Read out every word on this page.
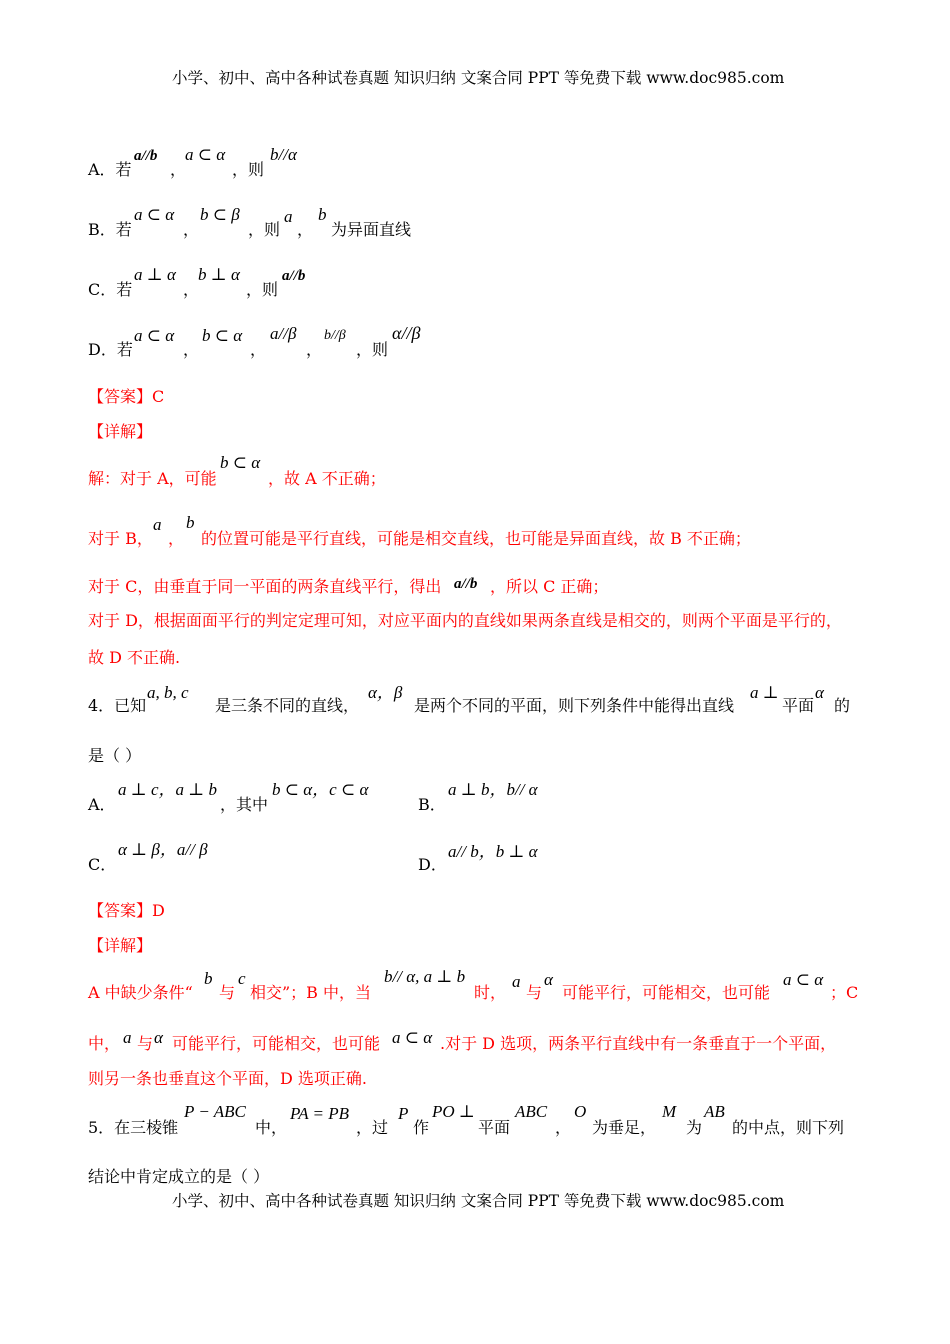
小学、初中、高中各种试卷真题 知识归纳 文案合同 PPT 等免费下载 www.doc985.com
A．若
a//b
，
a ⊂ α
，则
b//α
B．若
a ⊂ α
，
b ⊂ β
，则
a
，
b
为异面直线
C．若
a ⊥ α
，
b ⊥ α
，则
a//b
D．若
a ⊂ α
，
b ⊂ α
，
a//β
，
b//β
，则
α//β
【答案】C
【详解】
解：对于 A，可能
b ⊂ α
，故 A 不正确；
对于 B，
a
，
b
的位置可能是平行直线，可能是相交直线，也可能是异面直线，故 B 不正确；
对于 C，由垂直于同一平面的两条直线平行，得出 a//b ，所以 C 正确；
对于 D，根据面面平行的判定定理可知，对应平面内的直线如果两条直线是相交的，则两个平面是平行的，
故 D 不正确.
4．已知
a, b, c
是三条不同的直线，
α，β
是两个不同的平面，则下列条件中能得出直线
a ⊥
平面
α
的
是（ ）
A．
a ⊥ c，a ⊥ b
，其中
b ⊂ α，c ⊂ α
B．
a ⊥ b，b// α
C．
α ⊥ β，a// β
D．
a// b，b ⊥ α
【答案】D
【详解】
A 中缺少条件“
b
与
c
相交”；B 中，当
b// α, a ⊥ b
时，
a
与
α
可能平行，可能相交，也可能
a ⊂ α
；C
中， a 与 α 可能平行，可能相交，也可能 a ⊂ α .对于 D 选项，两条平行直线中有一条垂直于一个平面，
则另一条也垂直这个平面，D 选项正确.
5．在三棱锥
P − ABC
中，
PA = PB
，过
P
作
PO ⊥
平面
ABC
，
O
为垂足，
M
为
AB
的中点，则下列
结论中肯定成立的是（ ）
小学、初中、高中各种试卷真题 知识归纳 文案合同 PPT 等免费下载 www.doc985.com
